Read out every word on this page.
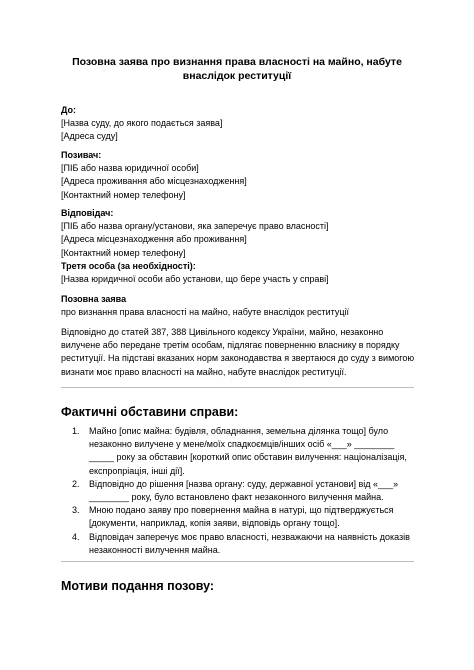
Позовна заява про визнання права власності на майно, набуте внаслідок реституції
До:
[Назва суду, до якого подається заява]
[Адреса суду]
Позивач:
[ПІБ або назва юридичної особи]
[Адреса проживання або місцезнаходження]
[Контактний номер телефону]
Відповідач:
[ПІБ або назва органу/установи, яка заперечує право власності]
[Адреса місцезнаходження або проживання]
[Контактний номер телефону]
Третя особа (за необхідності):
[Назва юридичної особи або установи, що бере участь у справі]
Позовна заява
про визнання права власності на майно, набуте внаслідок реституції
Відповідно до статей 387, 388 Цивільного кодексу України, майно, незаконно вилучене або передане третім особам, підлягає поверненню власнику в порядку реституції. На підставі вказаних норм законодавства я звертаюся до суду з вимогою визнати моє право власності на майно, набуте внаслідок реституції.
Фактичні обставини справи:
1. Майно [опис майна: будівля, обладнання, земельна ділянка тощо] було незаконно вилучене у мене/моїх спадкоємців/інших осіб «___» ________ _____ року за обставин [короткий опис обставин вилучення: націоналізація, експропріація, інші дії].
2. Відповідно до рішення [назва органу: суду, державної установи] від «___» ________ року, було встановлено факт незаконного вилучення майна.
3. Мною подано заяву про повернення майна в натурі, що підтверджується [документи, наприклад, копія заяви, відповідь органу тощо].
4. Відповідач заперечує моє право власності, незважаючи на наявність доказів незаконності вилучення майна.
Мотиви подання позову:
